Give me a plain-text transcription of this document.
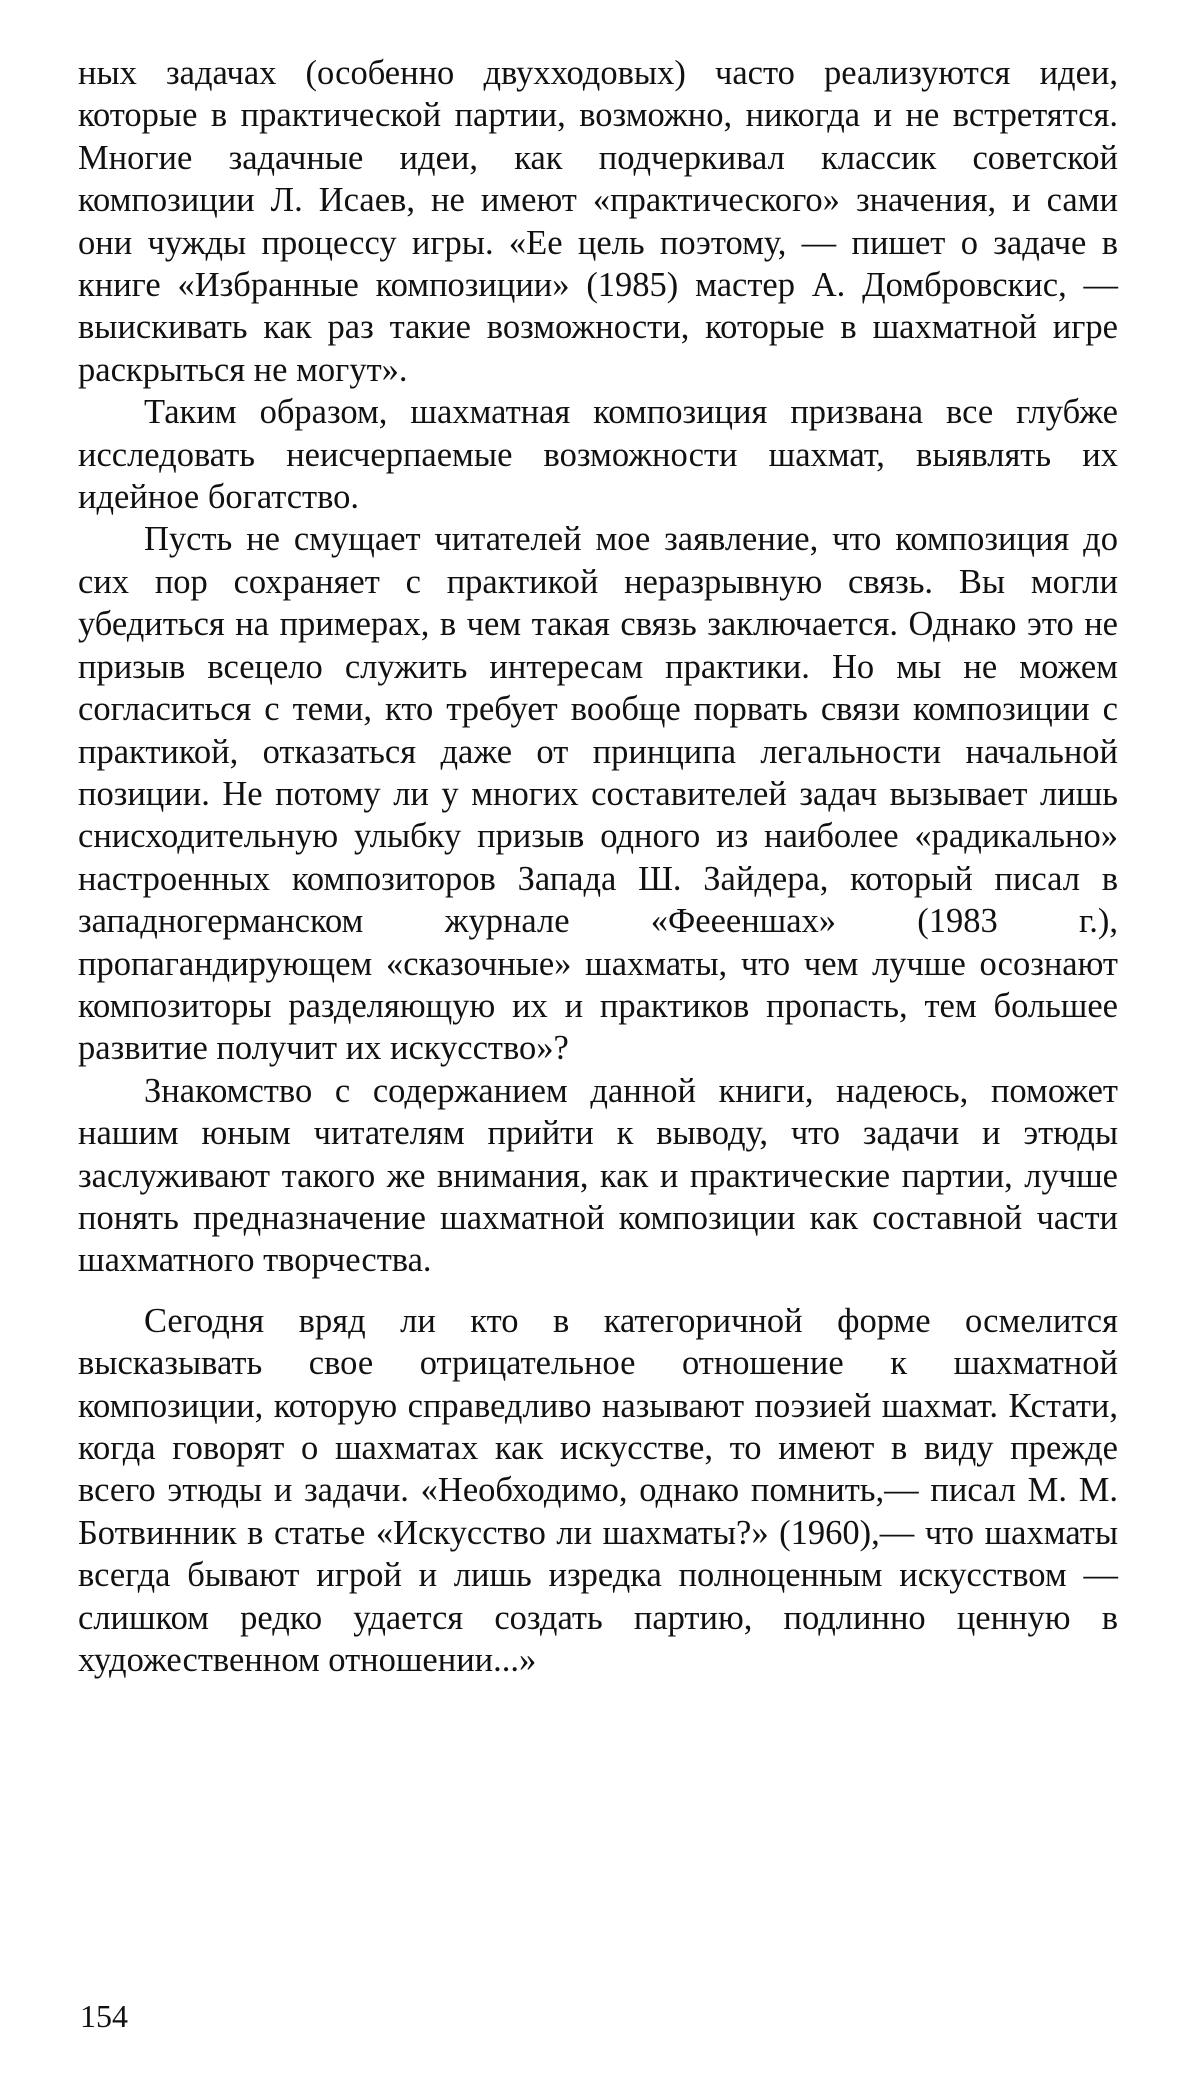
ных задачах (особенно двухходовых) часто реализуются идеи, которые в практической партии, возможно, никогда и не встретятся. Многие задачные идеи, как подчеркивал классик советской композиции Л. Исаев, не имеют «практического» значения, и сами они чужды процессу игры. «Ее цель поэтому, — пишет о задаче в книге «Избранные композиции» (1985) мастер А. Домбровскис, — выискивать как раз такие возможности, которые в шахматной игре раскрыться не могут».

Таким образом, шахматная композиция призвана все глубже исследовать неисчерпаемые возможности шахмат, выявлять их идейное богатство.

Пусть не смущает читателей мое заявление, что композиция до сих пор сохраняет с практикой неразрывную связь. Вы могли убедиться на примерах, в чем такая связь заключается. Однако это не призыв всецело служить интересам практики. Но мы не можем согласиться с теми, кто требует вообще порвать связи композиции с практикой, отказаться даже от принципа легальности начальной позиции. Не потому ли у многих составителей задач вызывает лишь снисходительную улыбку призыв одного из наиболее «радикально» настроенных композиторов Запада Ш. Зайдера, который писал в западногерманском журнале «Феееншах» (1983 г.), пропагандирующем «сказочные» шахматы, что чем лучше осознают композиторы разделяющую их и практиков пропасть, тем большее развитие получит их искусство»?

Знакомство с содержанием данной книги, надеюсь, поможет нашим юным читателям прийти к выводу, что задачи и этюды заслуживают такого же внимания, как и практические партии, лучше понять предназначение шахматной композиции как составной части шахматного творчества.

Сегодня вряд ли кто в категоричной форме осмелится высказывать свое отрицательное отношение к шахматной композиции, которую справедливо называют поэзией шахмат. Кстати, когда говорят о шахматах как искусстве, то имеют в виду прежде всего этюды и задачи. «Необходимо, однако помнить,— писал М. М. Ботвинник в статье «Искусство ли шахматы?» (1960),— что шахматы всегда бывают игрой и лишь изредка полноценным искусством — слишком редко удается создать партию, подлинно ценную в художественном отношении...»

154
